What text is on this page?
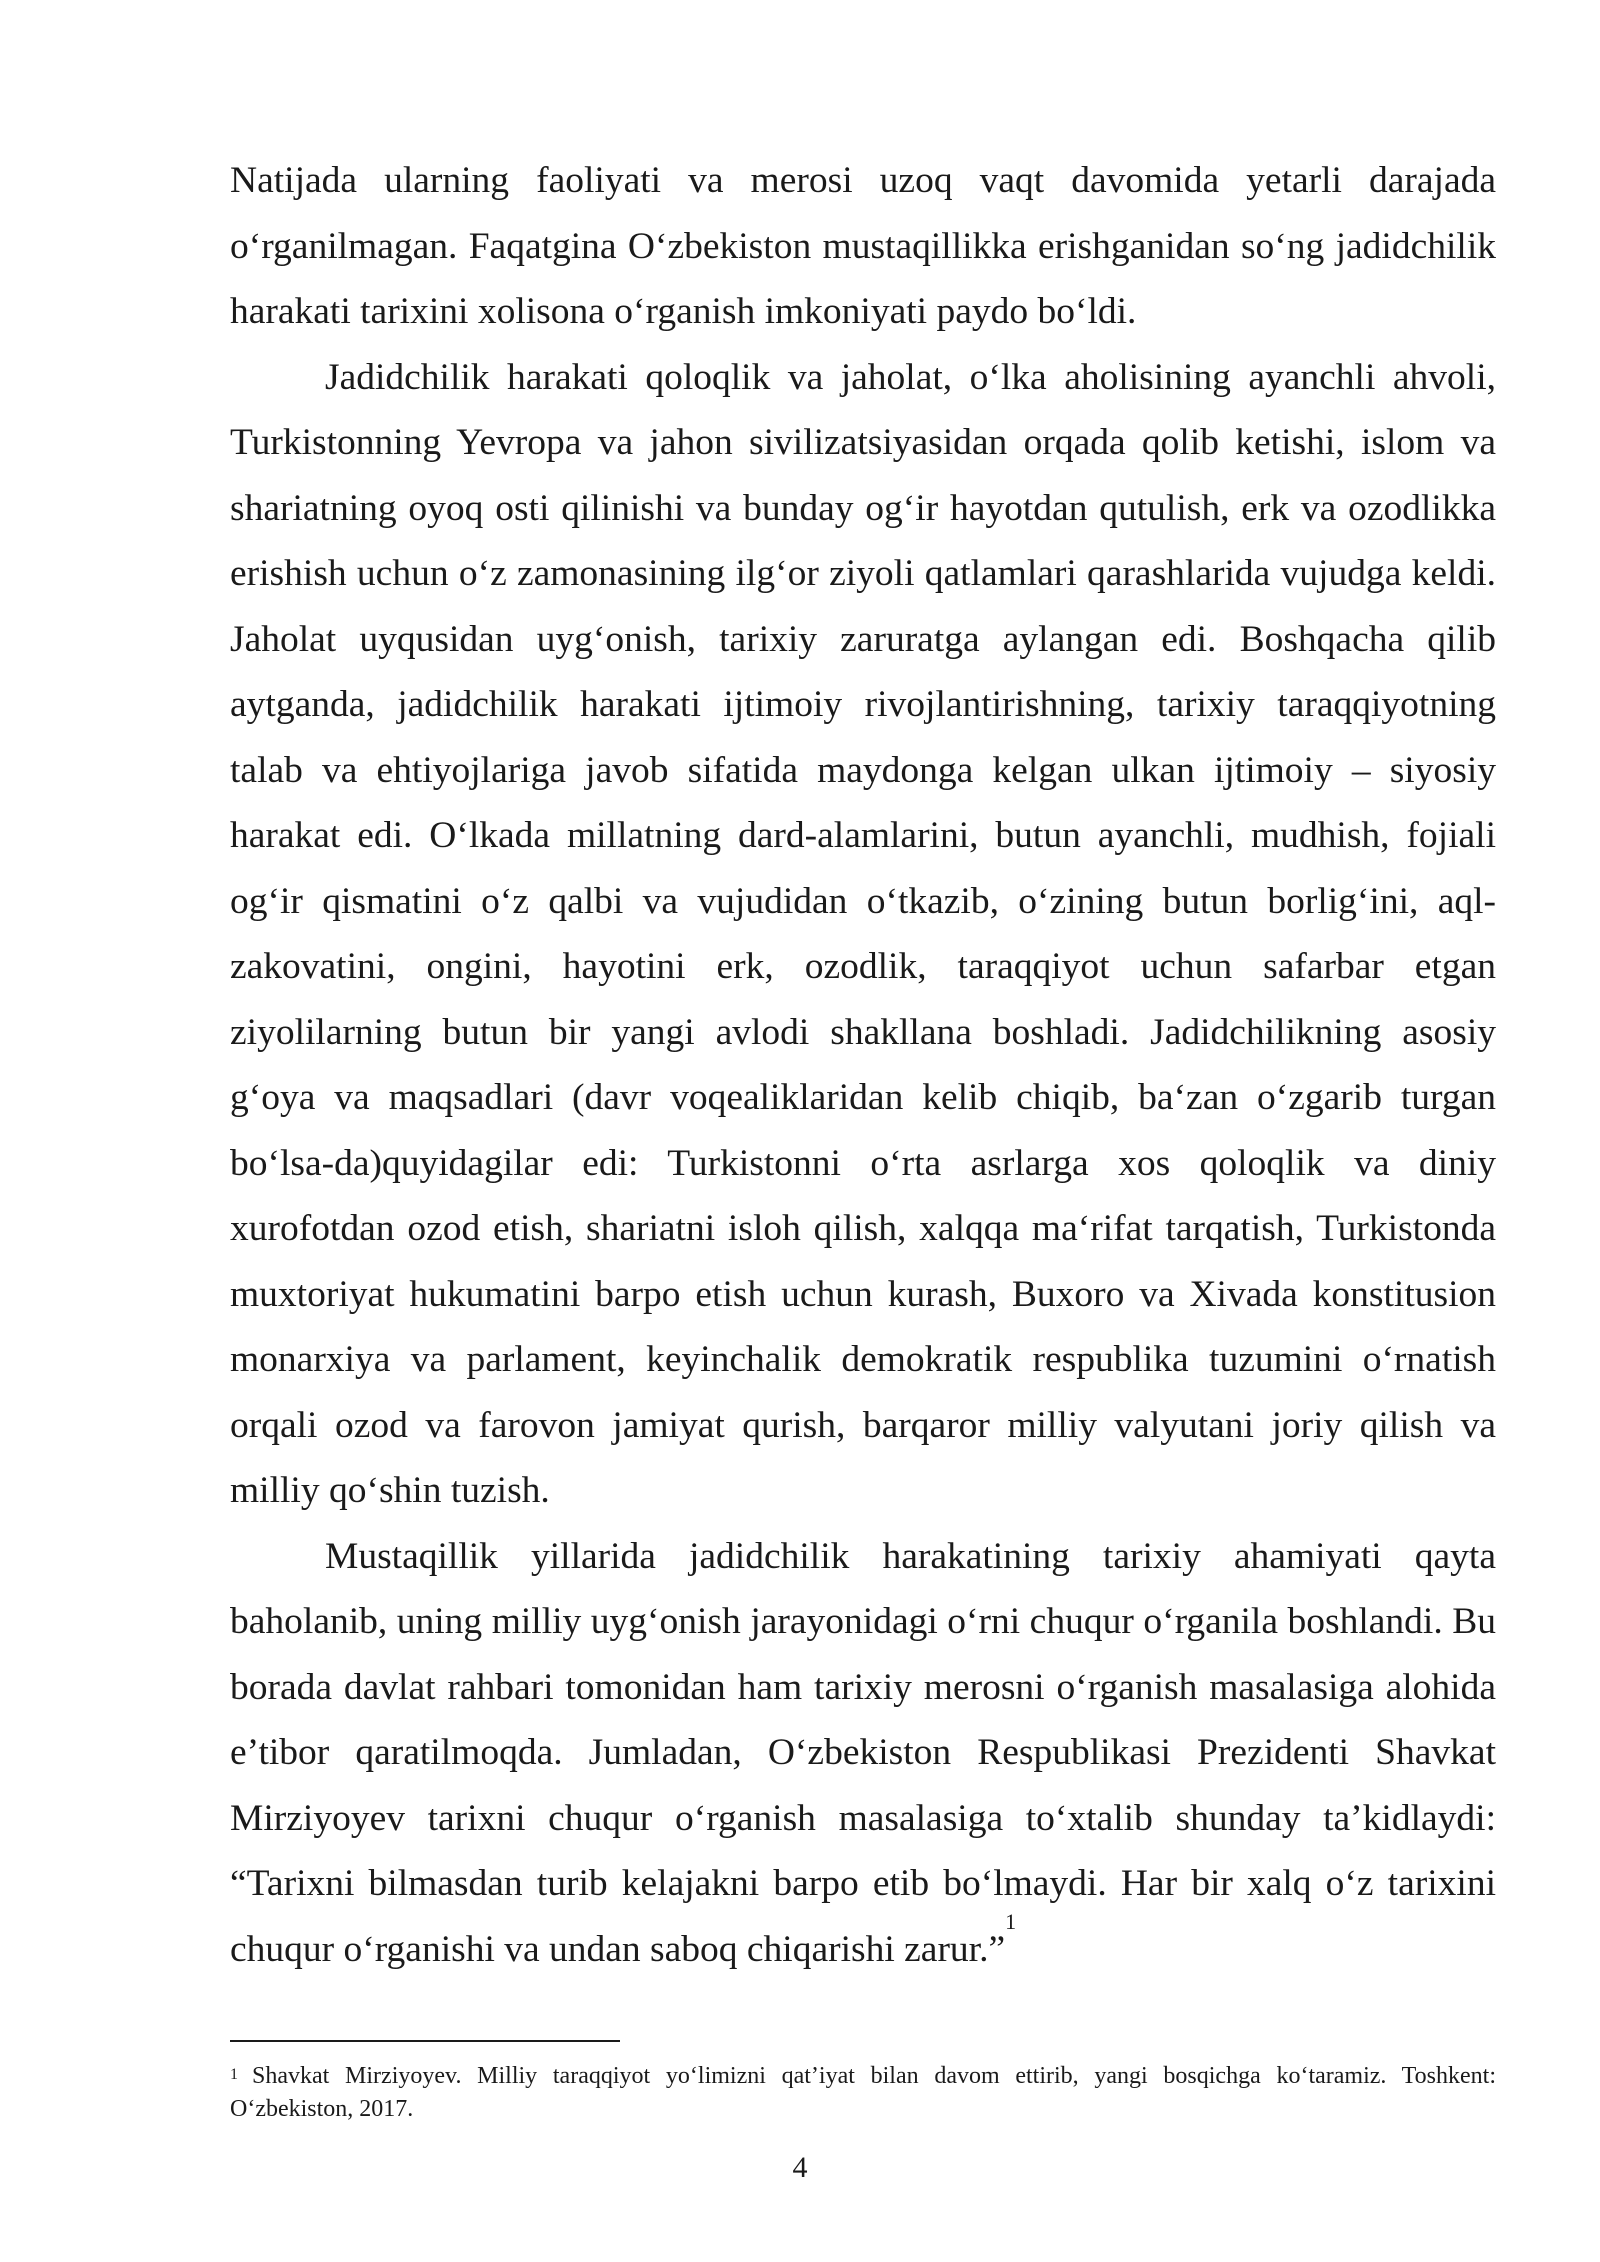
Natijada ularning faoliyati va merosi uzoq vaqt davomida yetarli darajada o‘rganilmagan. Faqatgina O‘zbekiston mustaqillikka erishganidan so‘ng jadidchilik harakati tarixini xolisona o‘rganish imkoniyati paydo bo‘ldi.

Jadidchilik harakati qoloqlik va jaholat, o‘lka aholisining ayanchli ahvoli, Turkistonning Yevropa va jahon sivilizatsiyasidan orqada qolib ketishi, islom va shariatning oyoq osti qilinishi va bunday og‘ir hayotdan qutulish, erk va ozodlikka erishish uchun o‘z zamonasining ilg‘or ziyoli qatlamlari qarashlarida vujudga keldi. Jaholat uyqusidan uyg‘onish, tarixiy zaruratga aylangan edi. Boshqacha qilib aytganda, jadidchilik harakati ijtimoiy rivojlantirishning, tarixiy taraqqiyotning talab va ehtiyojlariga javob sifatida maydonga kelgan ulkan ijtimoiy – siyosiy harakat edi. O‘lkada millatning dard-alamlarini, butun ayanchli, mudhish, fojiali og‘ir qismatini o‘z qalbi va vujudidan o‘tkazib, o‘zining butun borlig‘ini, aql-zakovatini, ongini, hayotini erk, ozodlik, taraqqiyot uchun safarbar etgan ziyolilarning butun bir yangi avlodi shakllana boshladi. Jadidchilikning asosiy g‘oya va maqsadlari (davr voqealiklaridan kelib chiqib, ba‘zan o‘zgarib turgan bo‘lsa-da)quyidagilar edi: Turkistonni o‘rta asrlarga xos qoloqlik va diniy xurofotdan ozod etish, shariatni isloh qilish, xalqqa ma‘rifat tarqatish, Turkistonda muxtoriyat hukumatini barpo etish uchun kurash, Buxoro va Xivada konstitusion monarxiya va parlament, keyinchalik demokratik respublika tuzumini o‘rnatish orqali ozod va farovon jamiyat qurish, barqaror milliy valyutani joriy qilish va milliy qo‘shin tuzish.

Mustaqillik yillarida jadidchilik harakatining tarixiy ahamiyati qayta baholanib, uning milliy uyg‘onish jarayonidagi o‘rni chuqur o‘rganila boshlandi. Bu borada davlat rahbari tomonidan ham tarixiy merosni o‘rganish masalasiga alohida e’tibor qaratilmoqda. Jumladan, O‘zbekiston Respublikasi Prezidenti Shavkat Mirziyoyev tarixni chuqur o‘rganish masalasiga to‘xtalib shunday ta’kidlaydi: “Tarixni bilmasdan turib kelajakni barpo etib bo‘lmaydi. Har bir xalq o‘z tarixini chuqur o‘rganishi va undan saboq chiqarishi zarur.”$^1$

$^1$ Shavkat Mirziyoyev. Milliy taraqqiyot yo‘limizni qat’iyat bilan davom ettirib, yangi bosqichga ko‘taramiz. Toshkent: O‘zbekiston, 2017.
4
